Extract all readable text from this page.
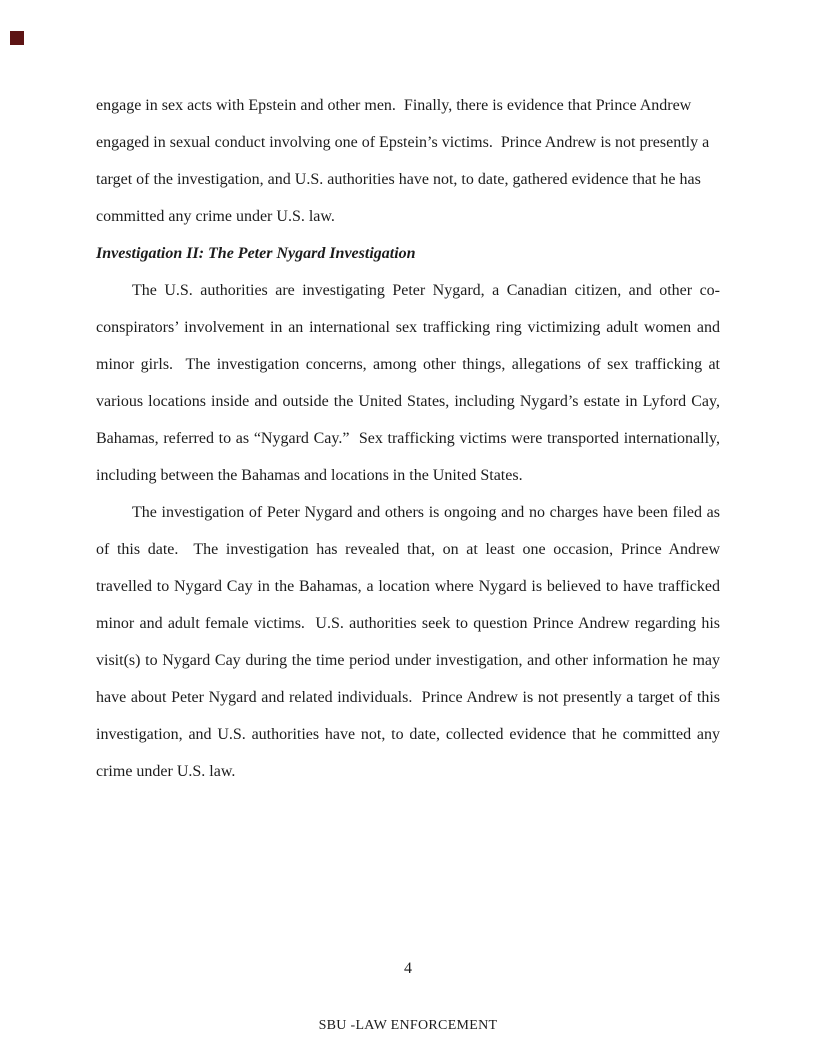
engage in sex acts with Epstein and other men.  Finally, there is evidence that Prince Andrew engaged in sexual conduct involving one of Epstein’s victims.  Prince Andrew is not presently a target of the investigation, and U.S. authorities have not, to date, gathered evidence that he has committed any crime under U.S. law.

Investigation II: The Peter Nygard Investigation

The U.S. authorities are investigating Peter Nygard, a Canadian citizen, and other co-conspirators’ involvement in an international sex trafficking ring victimizing adult women and minor girls.  The investigation concerns, among other things, allegations of sex trafficking at various locations inside and outside the United States, including Nygard’s estate in Lyford Cay, Bahamas, referred to as “Nygard Cay.”  Sex trafficking victims were transported internationally, including between the Bahamas and locations in the United States.

The investigation of Peter Nygard and others is ongoing and no charges have been filed as of this date.  The investigation has revealed that, on at least one occasion, Prince Andrew travelled to Nygard Cay in the Bahamas, a location where Nygard is believed to have trafficked minor and adult female victims.  U.S. authorities seek to question Prince Andrew regarding his visit(s) to Nygard Cay during the time period under investigation, and other information he may have about Peter Nygard and related individuals.  Prince Andrew is not presently a target of this investigation, and U.S. authorities have not, to date, collected evidence that he committed any crime under U.S. law.

4
SBU -LAW ENFORCEMENT
